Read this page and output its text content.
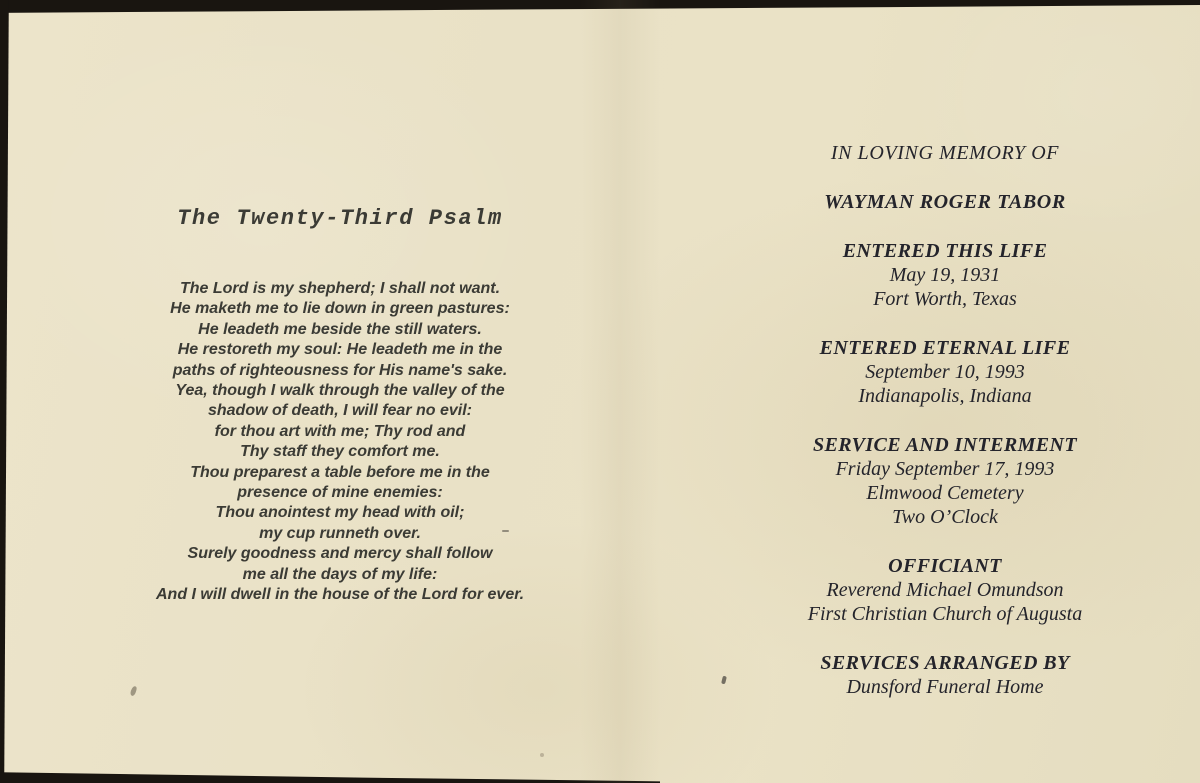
The Twenty-Third Psalm
The Lord is my shepherd; I shall not want.
He maketh me to lie down in green pastures:
He leadeth me beside the still waters.
He restoreth my soul: He leadeth me in the
paths of righteousness for His name's sake.
Yea, though I walk through the valley of the
shadow of death, I will fear no evil:
for thou art with me; Thy rod and
Thy staff they comfort me.
Thou preparest a table before me in the
presence of mine enemies:
Thou anointest my head with oil;
my cup runneth over.
Surely goodness and mercy shall follow
me all the days of my life:
And I will dwell in the house of the Lord for ever.
IN LOVING MEMORY OF
WAYMAN ROGER TABOR
ENTERED THIS LIFE
May 19, 1931
Fort Worth, Texas
ENTERED ETERNAL LIFE
September 10, 1993
Indianapolis, Indiana
SERVICE AND INTERMENT
Friday September 17, 1993
Elmwood Cemetery
Two O’Clock
OFFICIANT
Reverend Michael Omundson
First Christian Church of Augusta
SERVICES ARRANGED BY
Dunsford Funeral Home
